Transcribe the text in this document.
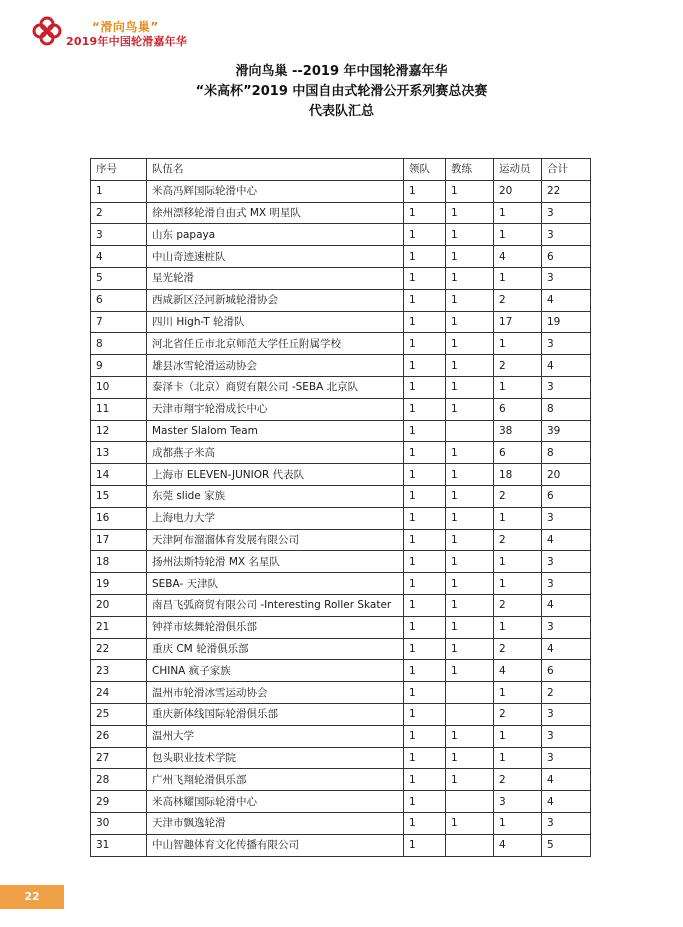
“滑向鸟巢”
2019年中国轮滑嘉年华
滑向鸟巢 --2019 年中国轮滑嘉年华
“米高杯”2019 中国自由式轮滑公开系列赛总决赛
代表队汇总
序号	队伍名	领队	教练	运动员	合计
1	米高冯辉国际轮滑中心	1	1	20	22
2	徐州漂移轮滑自由式 MX 明星队	1	1	1	3
3	山东 papaya	1	1	1	3
4	中山奇迹速桩队	1	1	4	6
5	星光轮滑	1	1	1	3
6	西咸新区泾河新城轮滑协会	1	1	2	4
7	四川 High-T 轮滑队	1	1	17	19
8	河北省任丘市北京师范大学任丘附属学校	1	1	1	3
9	雄县冰雪轮滑运动协会	1	1	2	4
10	泰泽卡（北京）商贸有限公司 -SEBA 北京队	1	1	1	3
11	天津市翔宇轮滑成长中心	1	1	6	8
12	Master Slalom Team	1		38	39
13	成都燕子米高	1	1	6	8
14	上海市 ELEVEN-JUNIOR 代表队	1	1	18	20
15	东莞 slide 家族	1	1	2	6
16	上海电力大学	1	1	1	3
17	天津阿布溜溜体育发展有限公司	1	1	2	4
18	扬州法斯特轮滑 MX 名星队	1	1	1	3
19	SEBA- 天津队	1	1	1	3
20	南昌飞弧商贸有限公司 -Interesting Roller Skater	1	1	2	4
21	钟祥市炫舞轮滑俱乐部	1	1	1	3
22	重庆 CM 轮滑俱乐部	1	1	2	4
23	CHINA 疯子家族	1	1	4	6
24	温州市轮滑冰雪运动协会	1		1	2
25	重庆新体线国际轮滑俱乐部	1		2	3
26	温州大学	1	1	1	3
27	包头职业技术学院	1	1	1	3
28	广州飞翔轮滑俱乐部	1	1	2	4
29	米高林耀国际轮滑中心	1		3	4
30	天津市飘逸轮滑	1	1	1	3
31	中山智趣体育文化传播有限公司	1		4	5
22
